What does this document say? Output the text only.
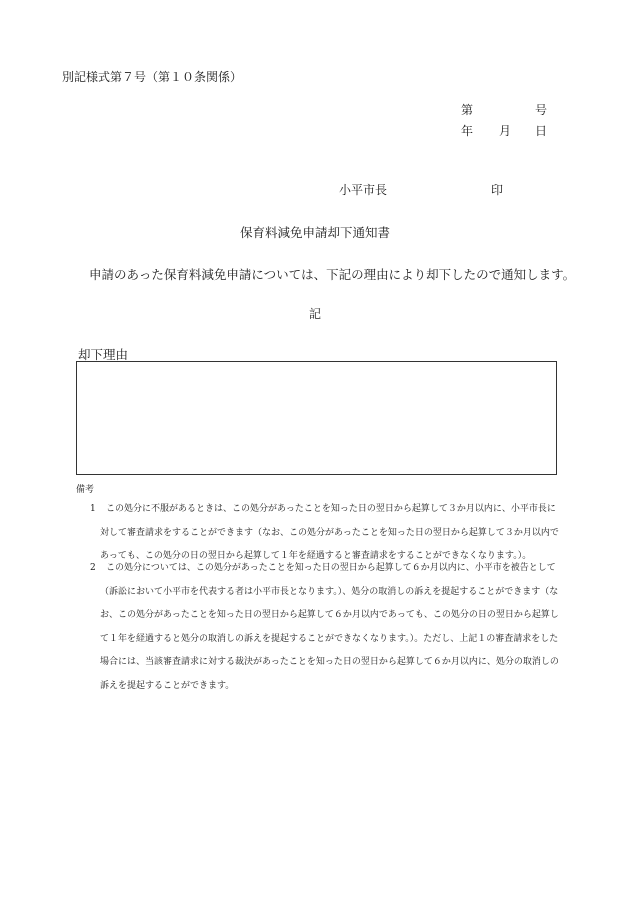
別記様式第７号（第１０条関係）
第	号
年 月 日
小平市長	印
保育料減免申請却下通知書
申請のあった保育料減免申請については、下記の理由により却下したので通知します。
記
却下理由
備考
1 この処分に不服があるときは、この処分があったことを知った日の翌日から起算して３か月以内に、小平市長に
対して審査請求をすることができます（なお、この処分があったことを知った日の翌日から起算して３か月以内で
あっても、この処分の日の翌日から起算して１年を経過すると審査請求をすることができなくなります。）。
2 この処分については、この処分があったことを知った日の翌日から起算して６か月以内に、小平市を被告として
（訴訟において小平市を代表する者は小平市長となります。）、処分の取消しの訴えを提起することができます（な
お、この処分があったことを知った日の翌日から起算して６か月以内であっても、この処分の日の翌日から起算し
て１年を経過すると処分の取消しの訴えを提起することができなくなります。）。ただし、上記１の審査請求をした
場合には、当該審査請求に対する裁決があったことを知った日の翌日から起算して６か月以内に、処分の取消しの
訴えを提起することができます。
